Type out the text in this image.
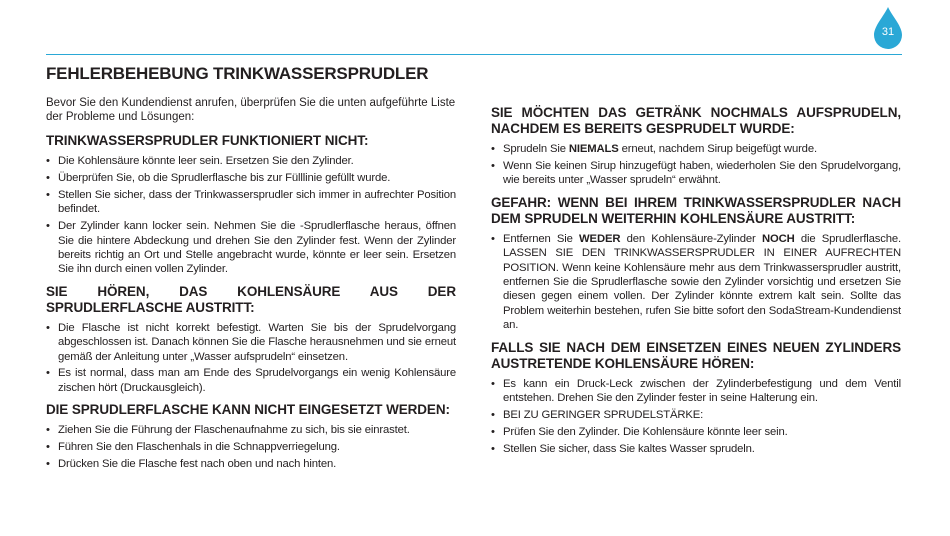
31
FEHLERBEHEBUNG TRINKWASSERSPRUDLER

Bevor Sie den Kundendienst anrufen, überprüfen Sie die unten aufgeführte Liste der Probleme und Lösungen:

TRINKWASSERSPRUDLER FUNKTIONIERT NICHT:
• Die Kohlensäure könnte leer sein. Ersetzen Sie den Zylinder.
• Überprüfen Sie, ob die Sprudlerflasche bis zur Fülllinie gefüllt wurde.
• Stellen Sie sicher, dass der Trinkwassersprudler sich immer in aufrechter Position befindet.
• Der Zylinder kann locker sein. Nehmen Sie die -Sprudlerflasche heraus, öffnen Sie die hintere Abdeckung und drehen Sie den Zylinder fest. Wenn der Zylinder bereits richtig an Ort und Stelle angebracht wurde, könnte er leer sein. Ersetzen Sie ihn durch einen vollen Zylinder.
SIE HÖREN, DAS KOHLENSÄURE AUS DER SPRUDLERFLASCHE AUSTRITT:
• Die Flasche ist nicht korrekt befestigt. Warten Sie bis der Sprudelvorgang abgeschlossen ist. Danach können Sie die Flasche herausnehmen und sie erneut gemäß der Anleitung unter „Wasser aufsprudeln“ einsetzen.
• Es ist normal, dass man am Ende des Sprudelvorgangs ein wenig Kohlensäure zischen hört (Druckausgleich).
DIE SPRUDLERFLASCHE KANN NICHT EINGESETZT WERDEN:
• Ziehen Sie die Führung der Flaschenaufnahme zu sich, bis sie einrastet.
• Führen Sie den Flaschenhals in die Schnappverriegelung.
• Drücken Sie die Flasche fest nach oben und nach hinten.
SIE MÖCHTEN DAS GETRÄNK NOCHMALS AUFSPRUDELN, NACHDEM ES BEREITS GESPRUDELT WURDE:
• Sprudeln Sie NIEMALS erneut, nachdem Sirup beigefügt wurde.
• Wenn Sie keinen Sirup hinzugefügt haben, wiederholen Sie den Sprudelvorgang, wie bereits unter „Wasser sprudeln“ erwähnt.
GEFAHR: WENN BEI IHREM TRINKWASSERSPRUDLER NACH DEM SPRUDELN WEITERHIN KOHLENSÄURE AUSTRITT:
• Entfernen Sie WEDER den Kohlensäure-Zylinder NOCH die Sprudlerflasche. LASSEN SIE DEN TRINKWASSERSPRUDLER IN EINER AUFRECHTEN POSITION. Wenn keine Kohlensäure mehr aus dem Trinkwassersprudler austritt, entfernen Sie die Sprudlerflasche sowie den Zylinder vorsichtig und ersetzen Sie diesen gegen einem vollen. Der Zylinder könnte extrem kalt sein. Sollte das Problem weiterhin bestehen, rufen Sie bitte sofort den SodaStream-Kundendienst an.
FALLS SIE NACH DEM EINSETZEN EINES NEUEN ZYLINDERS AUSTRETENDE KOHLENSÄURE HÖREN:
• Es kann ein Druck-Leck zwischen der Zylinderbefestigung und dem Ventil entstehen. Drehen Sie den Zylinder fester in seine Halterung ein.
• BEI ZU GERINGER SPRUDELSTÄRKE:
• Prüfen Sie den Zylinder. Die Kohlensäure könnte leer sein.
• Stellen Sie sicher, dass Sie kaltes Wasser sprudeln.
